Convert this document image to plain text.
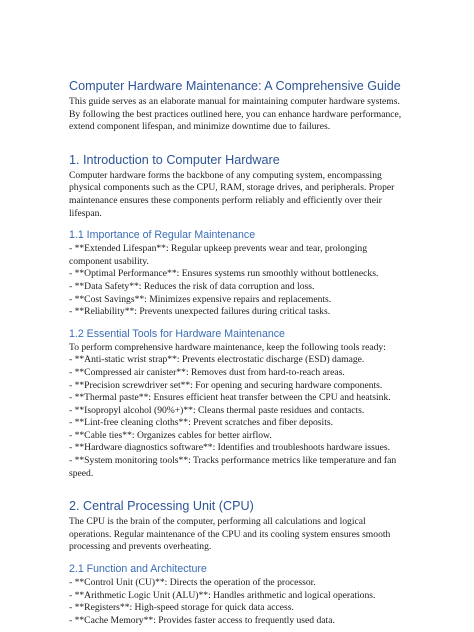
Computer Hardware Maintenance: A Comprehensive Guide

This guide serves as an elaborate manual for maintaining computer hardware systems. By following the best practices outlined here, you can enhance hardware performance, extend component lifespan, and minimize downtime due to failures.

1. Introduction to Computer Hardware

Computer hardware forms the backbone of any computing system, encompassing physical components such as the CPU, RAM, storage drives, and peripherals. Proper maintenance ensures these components perform reliably and efficiently over their lifespan.

1.1 Importance of Regular Maintenance
- **Extended Lifespan**: Regular upkeep prevents wear and tear, prolonging component usability.
- **Optimal Performance**: Ensures systems run smoothly without bottlenecks.
- **Data Safety**: Reduces the risk of data corruption and loss.
- **Cost Savings**: Minimizes expensive repairs and replacements.
- **Reliability**: Prevents unexpected failures during critical tasks.
1.2 Essential Tools for Hardware Maintenance

To perform comprehensive hardware maintenance, keep the following tools ready:

- **Anti-static wrist strap**: Prevents electrostatic discharge (ESD) damage.
- **Compressed air canister**: Removes dust from hard-to-reach areas.
- **Precision screwdriver set**: For opening and securing hardware components.
- **Thermal paste**: Ensures efficient heat transfer between the CPU and heatsink.
- **Isopropyl alcohol (90%+)**: Cleans thermal paste residues and contacts.
- **Lint-free cleaning cloths**: Prevent scratches and fiber deposits.
- **Cable ties**: Organizes cables for better airflow.
- **Hardware diagnostics software**: Identifies and troubleshoots hardware issues.
- **System monitoring tools**: Tracks performance metrics like temperature and fan speed.
2. Central Processing Unit (CPU)

The CPU is the brain of the computer, performing all calculations and logical operations. Regular maintenance of the CPU and its cooling system ensures smooth processing and prevents overheating.

2.1 Function and Architecture
- **Control Unit (CU)**: Directs the operation of the processor.
- **Arithmetic Logic Unit (ALU)**: Handles arithmetic and logical operations.
- **Registers**: High-speed storage for quick data access.
- **Cache Memory**: Provides faster access to frequently used data.
